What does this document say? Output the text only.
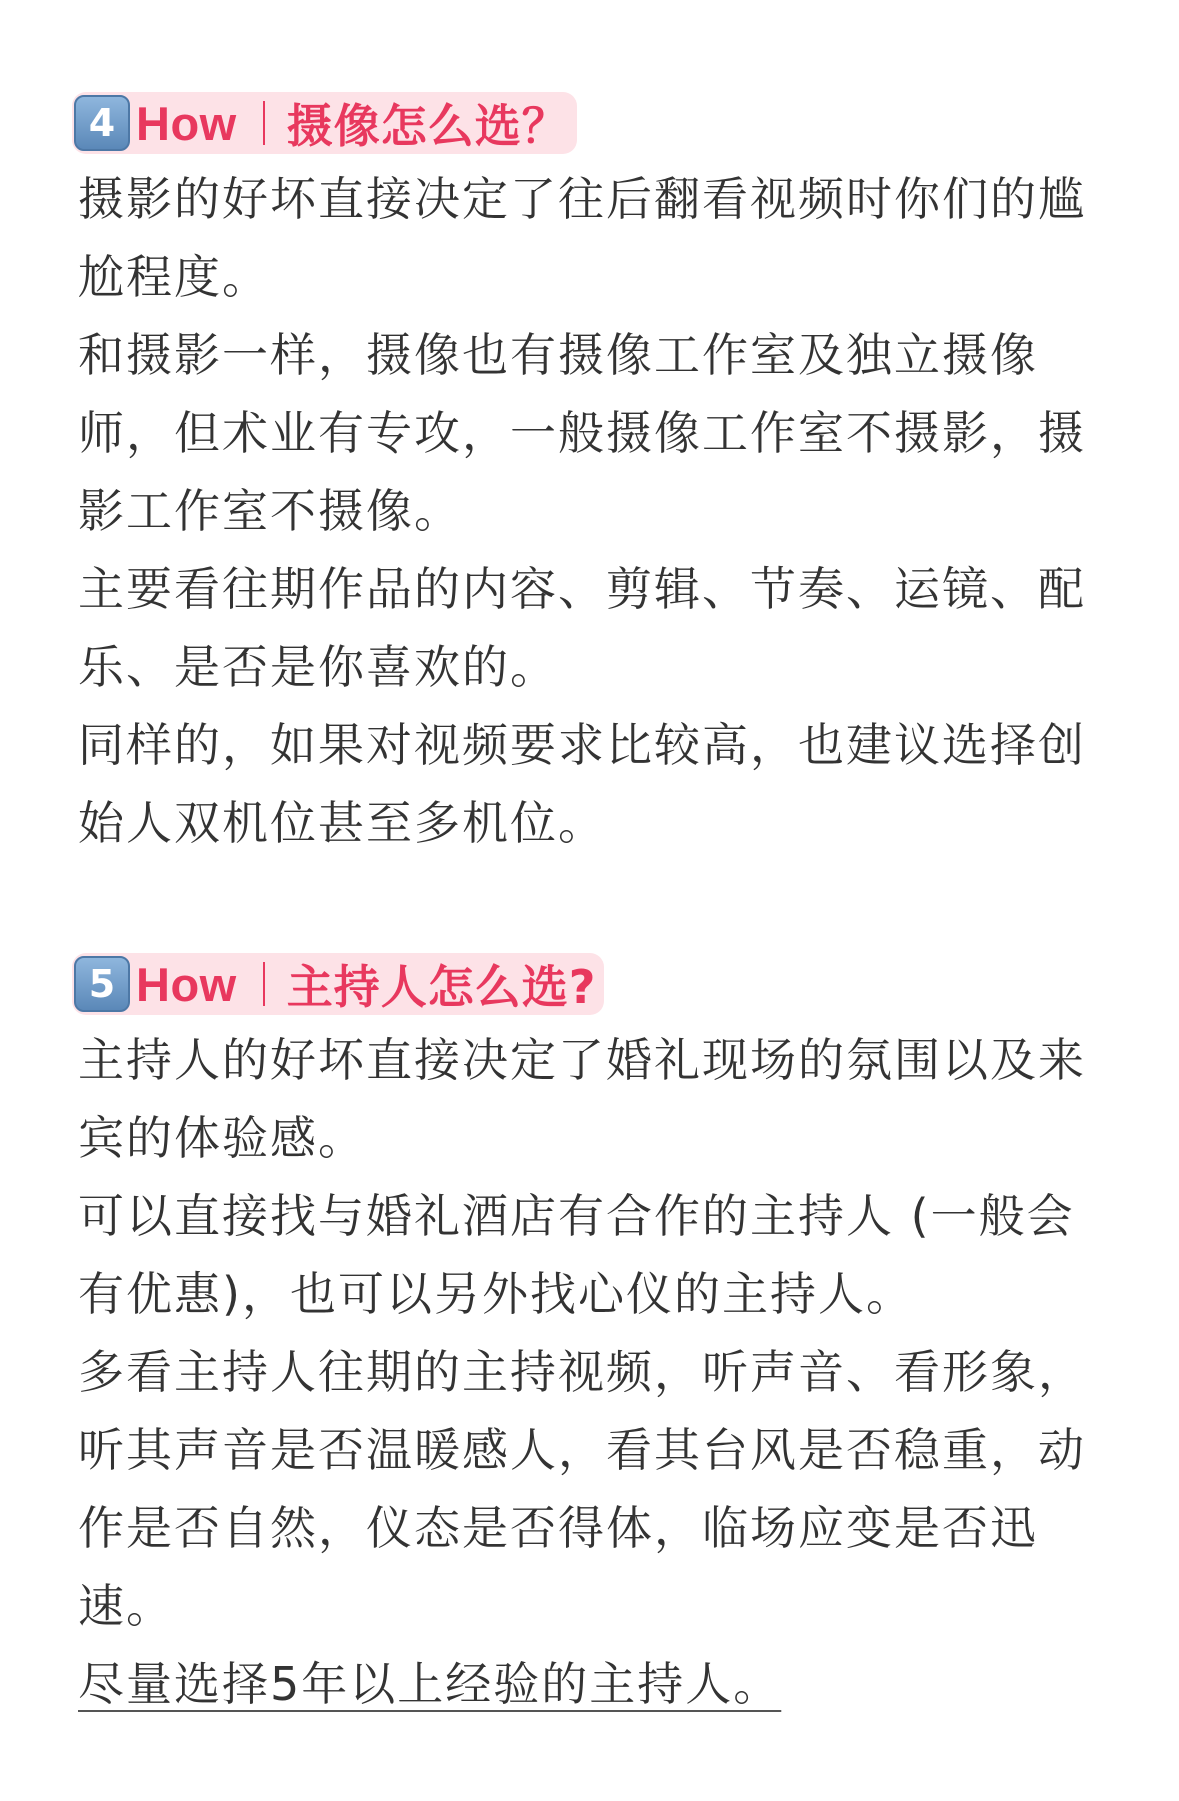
4 How 摄像怎么选？

摄影的好坏直接决定了往后翻看视频时你们的尴尬程度。

和摄影一样，摄像也有摄像工作室及独立摄像师，但术业有专攻，一般摄像工作室不摄影，摄影工作室不摄像。

主要看往期作品的内容、剪辑、节奏、运镜、配乐、是否是你喜欢的。

同样的，如果对视频要求比较高，也建议选择创始人双机位甚至多机位。

5 How 主持人怎么选?

主持人的好坏直接决定了婚礼现场的氛围以及来宾的体验感。

可以直接找与婚礼酒店有合作的主持人 (一般会有优惠)，也可以另外找心仪的主持人。

多看主持人往期的主持视频，听声音、看形象，听其声音是否温暖感人，看其台风是否稳重，动作是否自然，仪态是否得体，临场应变是否迅速。

尽量选择5年以上经验的主持人。
